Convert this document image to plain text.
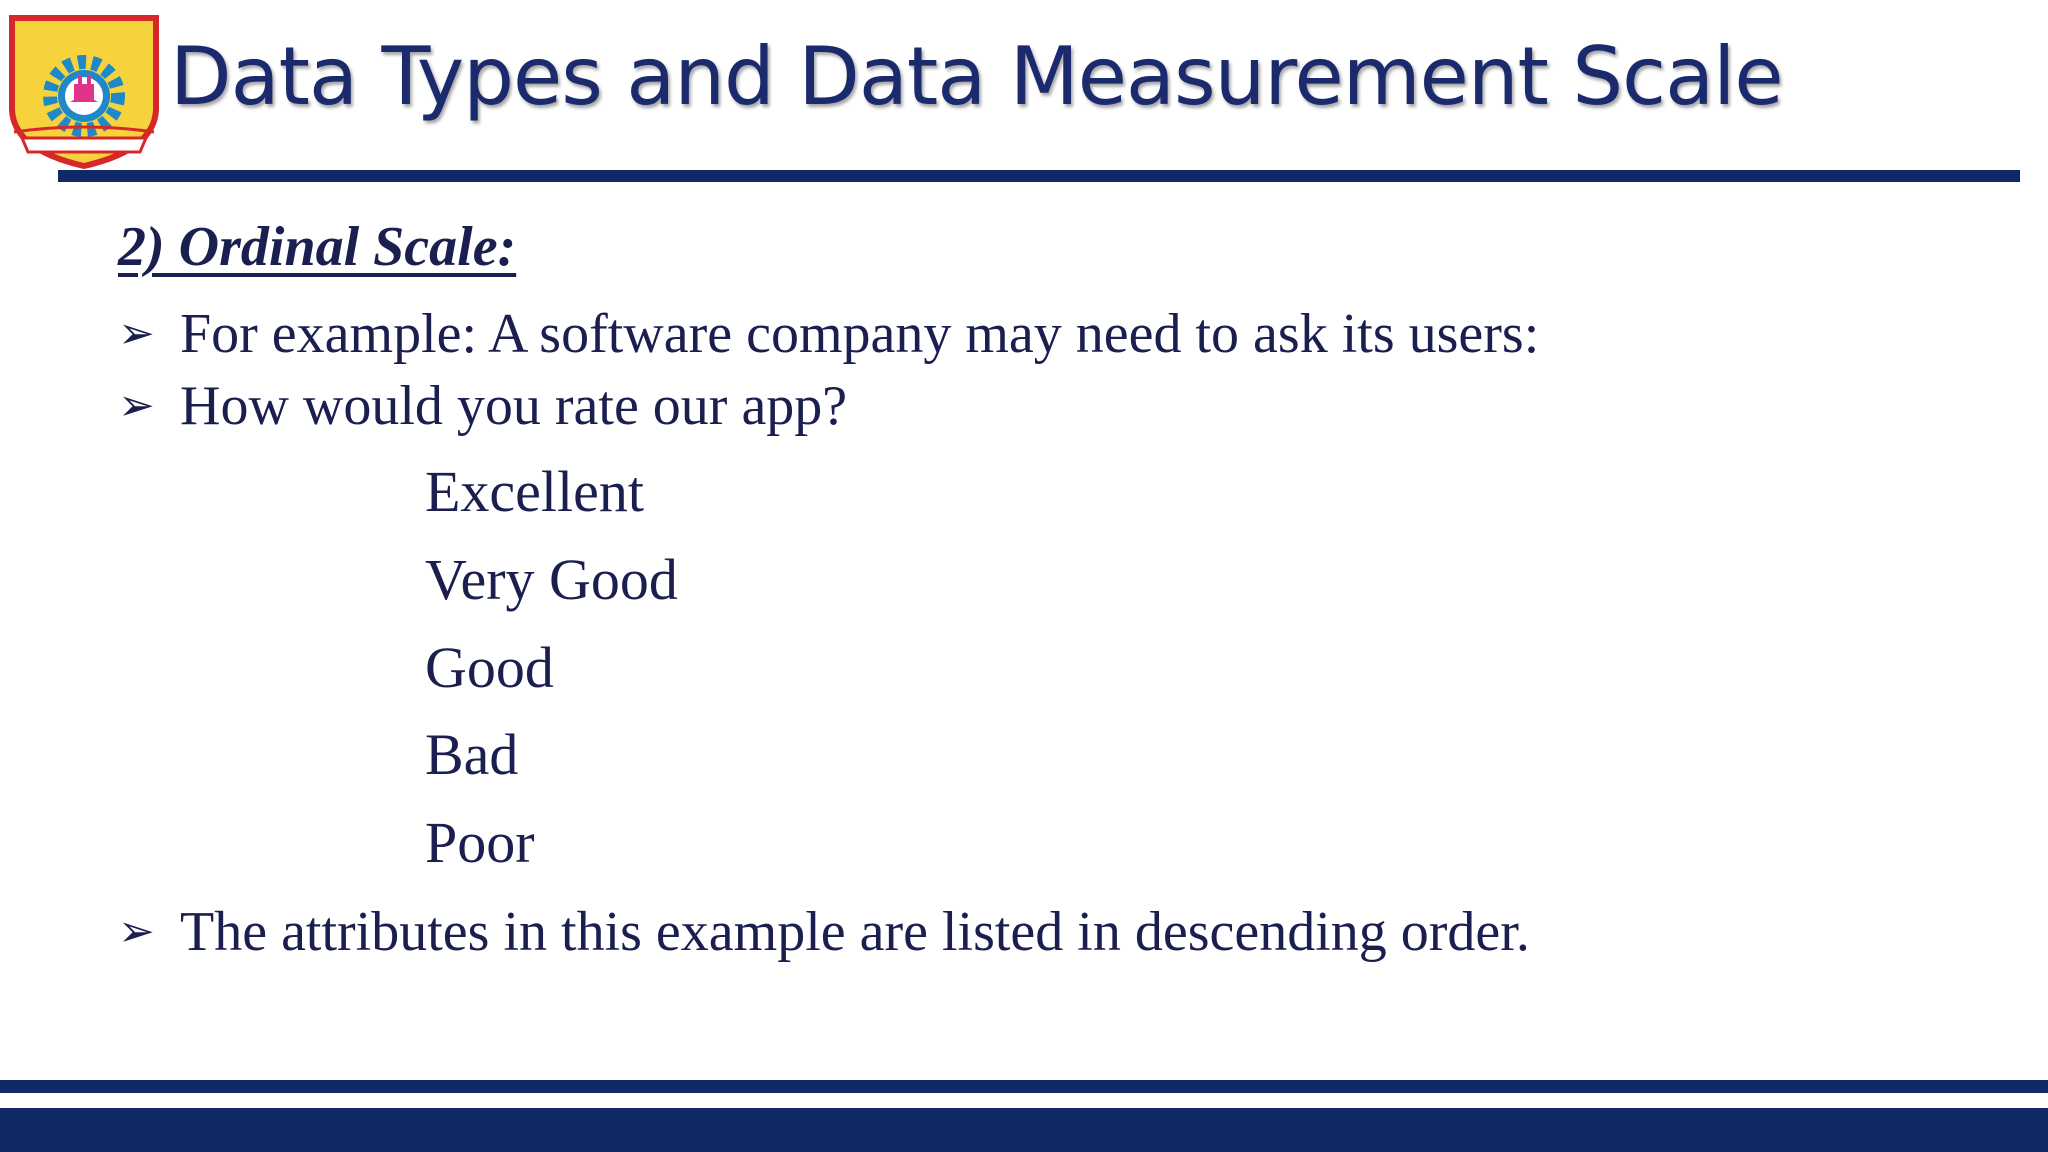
Data Types and Data Measurement Scale
2) Ordinal Scale:
➢ For example: A software company may need to ask its users:
➢ How would you rate our app?
Excellent
Very Good
Good
Bad
Poor
➢ The attributes in this example are listed in descending order.
